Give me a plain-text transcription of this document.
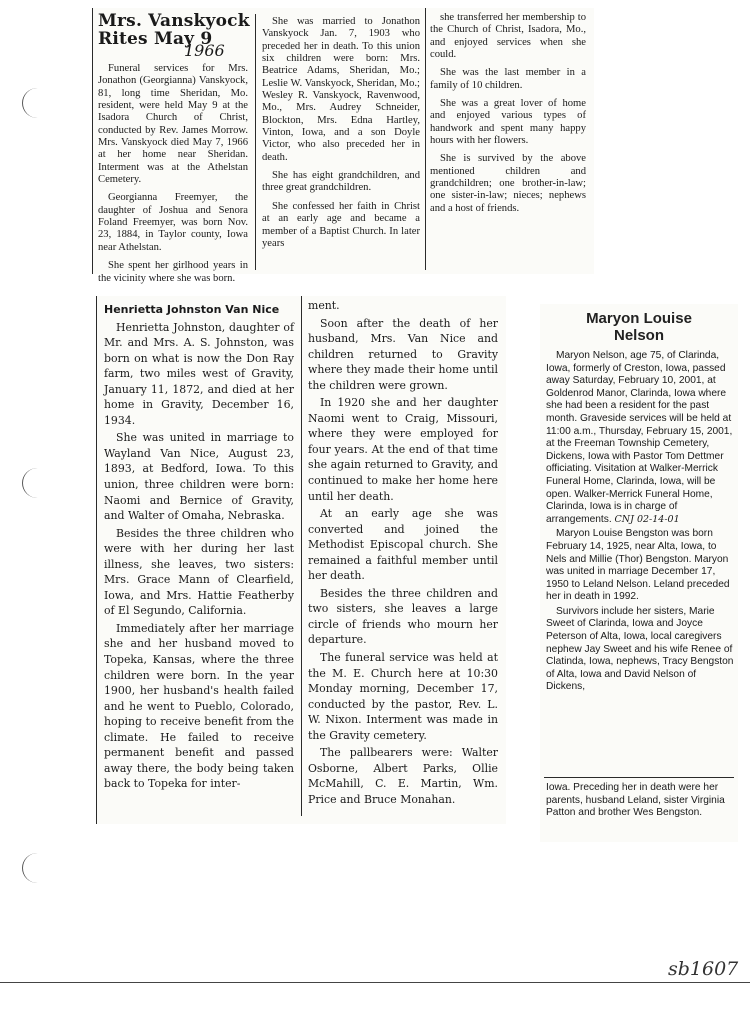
Mrs. Vanskyock
Rites May 9
1966

Funeral services for Mrs. Jonathon (Georgianna) Vanskyock, 81, long time Sheridan, Mo. resident, were held May 9 at the Isadora Church of Christ, conducted by Rev. James Morrow. Mrs. Vanskyock died May 7, 1966 at her home near Sheridan. Interment was at the Athelstan Cemetery.

Georgianna Freemyer, the daughter of Joshua and Senora Foland Freemyer, was born Nov. 23, 1884, in Taylor county, Iowa near Athelstan.

She spent her girlhood years in the vicinity where she was born.

She was married to Jonathon Vanskyock Jan. 7, 1903 who preceded her in death. To this union six children were born: Mrs. Beatrice Adams, Sheridan, Mo.; Leslie W. Vanskyock, Sheridan, Mo.; Wesley R. Vanskyock, Ravenwood, Mo., Mrs. Audrey Schneider, Blockton, Mrs. Edna Hartley, Vinton, Iowa, and a son Doyle Victor, who also preceded her in death.

She has eight grandchildren, and three great grandchildren.

She confessed her faith in Christ at an early age and became a member of a Baptist Church. In later years

she transferred her membership to the Church of Christ, Isadora, Mo., and enjoyed services when she could.

She was the last member in a family of 10 children.

She was a great lover of home and enjoyed various types of handwork and spent many happy hours with her flowers.

She is survived by the above mentioned children and grandchildren; one brother-in-law; one sister-in-law; nieces; nephews and a host of friends.

Henrietta Johnston Van Nice

Henrietta Johnston, daughter of Mr. and Mrs. A. S. Johnston, was born on what is now the Don Ray farm, two miles west of Gravity, January 11, 1872, and died at her home in Gravity, December 16, 1934.

She was united in marriage to Wayland Van Nice, August 23, 1893, at Bedford, Iowa. To this union, three children were born: Naomi and Bernice of Gravity, and Walter of Omaha, Nebraska.

Besides the three children who were with her during her last illness, she leaves, two sisters: Mrs. Grace Mann of Clearfield, Iowa, and Mrs. Hattie Featherby of El Segundo, California.

Immediately after her marriage she and her husband moved to Topeka, Kansas, where the three children were born. In the year 1900, her husband's health failed and he went to Pueblo, Colorado, hoping to receive benefit from the climate. He failed to receive permanent benefit and passed away there, the body being taken back to Topeka for inter-

ment.

Soon after the death of her husband, Mrs. Van Nice and children returned to Gravity where they made their home until the children were grown.

In 1920 she and her daughter Naomi went to Craig, Missouri, where they were employed for four years. At the end of that time she again returned to Gravity, and continued to make her home here until her death.

At an early age she was converted and joined the Methodist Episcopal church. She remained a faithful member until her death.

Besides the three children and two sisters, she leaves a large circle of friends who mourn her departure.

The funeral service was held at the M. E. Church here at 10:30 Monday morning, December 17, conducted by the pastor, Rev. L. W. Nixon. Interment was made in the Gravity cemetery.

The pallbearers were: Walter Osborne, Albert Parks, Ollie McMahill, C. E. Martin, Wm. Price and Bruce Monahan.

Maryon Louise
Nelson

Maryon Nelson, age 75, of Clarinda, Iowa, formerly of Creston, Iowa, passed away Saturday, February 10, 2001, at Goldenrod Manor, Clarinda, Iowa where she had been a resident for the past month. Graveside services will be held at 11:00 a.m., Thursday, February 15, 2001, at the Freeman Township Cemetery, Dickens, Iowa with Pastor Tom Dettmer officiating. Visitation at Walker-Merrick Funeral Home, Clarinda, Iowa, will be open. Walker-Merrick Funeral Home, Clarinda, Iowa is in charge of arrangements. CNJ 02-14-01

Maryon Louise Bengston was born February 14, 1925, near Alta, Iowa, to Nels and Millie (Thor) Bengston. Maryon was united in marriage December 17, 1950 to Leland Nelson. Leland preceded her in death in 1992.

Survivors include her sisters, Marie Sweet of Clarinda, Iowa and Joyce Peterson of Alta, Iowa, local caregivers nephew Jay Sweet and his wife Renee of Clatinda, Iowa, nephews, Tracy Bengston of Alta, Iowa and David Nelson of Dickens,

Iowa. Preceding her in death were her parents, husband Leland, sister Virginia Patton and brother Wes Bengston.

sb1607
